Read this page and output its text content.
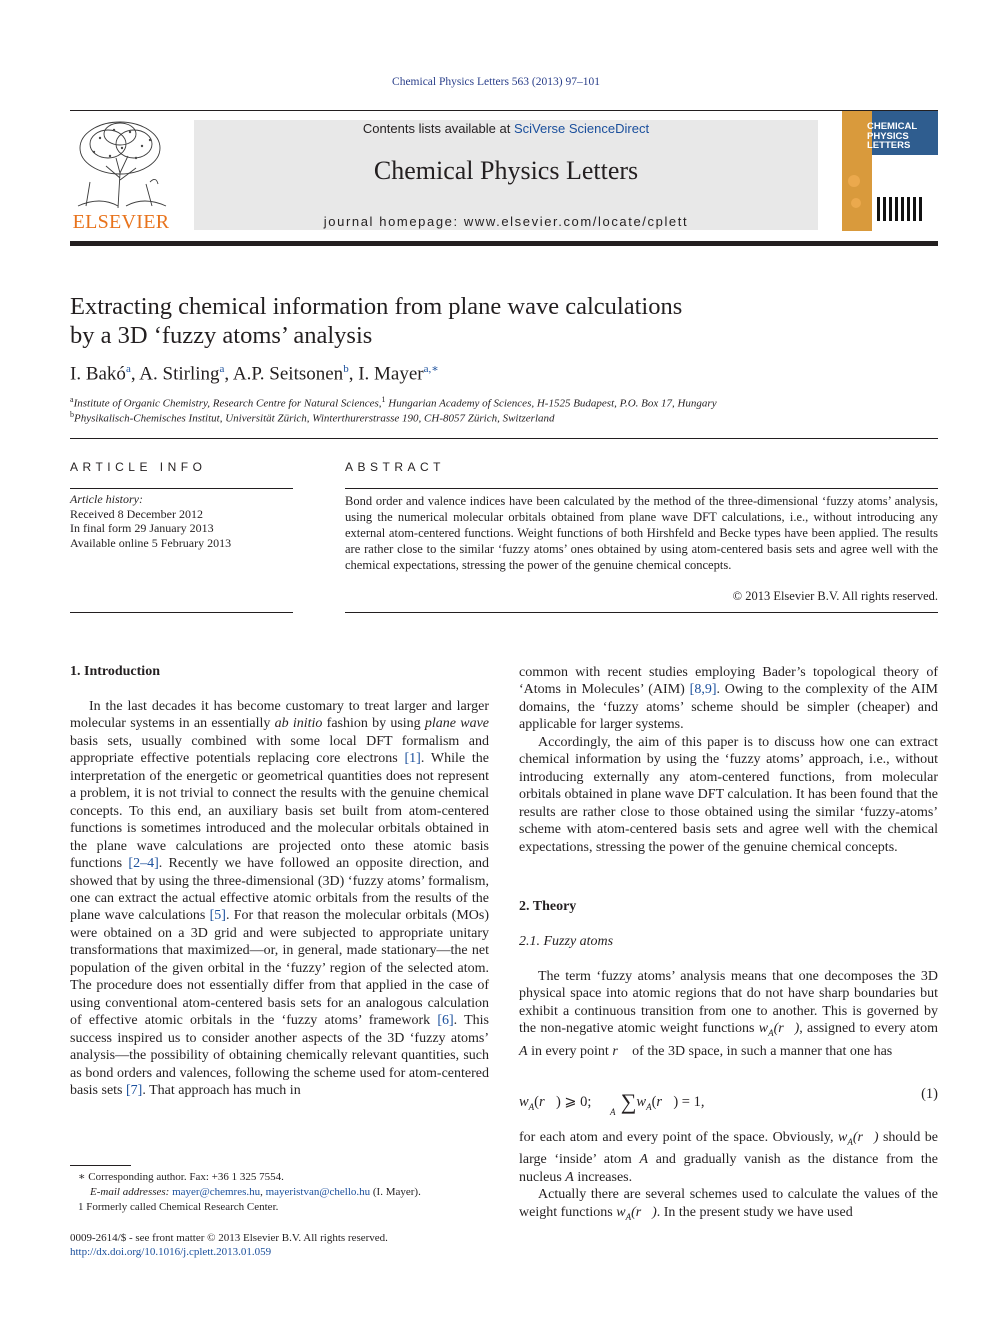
Chemical Physics Letters 563 (2013) 97–101
ELSEVIER
Contents lists available at SciVerse ScienceDirect
Chemical Physics Letters
journal homepage: www.elsevier.com/locate/cplett
CHEMICAL
PHYSICS
LETTERS
Extracting chemical information from plane wave calculations
by a 3D ‘fuzzy atoms’ analysis
I. Bakó$^a$, A. Stirling$^a$, A.P. Seitsonen$^b$, I. Mayer$^{a,∗}$
$^a$Institute of Organic Chemistry, Research Centre for Natural Sciences,$^1$ Hungarian Academy of Sciences, H-1525 Budapest, P.O. Box 17, Hungary
$^b$Physikalisch-Chemisches Institut, Universität Zürich, Winterthurerstrasse 190, CH-8057 Zürich, Switzerland
ARTICLE INFO
Article history:
Received 8 December 2012
In final form 29 January 2013
Available online 5 February 2013
ABSTRACT
Bond order and valence indices have been calculated by the method of the three-dimensional ‘fuzzy atoms’ analysis, using the numerical molecular orbitals obtained from plane wave DFT calculations, i.e., without introducing any external atom-centered functions. Weight functions of both Hirshfeld and Becke types have been applied. The results are rather close to the similar ‘fuzzy atoms’ ones obtained by using atom-centered basis sets and agree well with the chemical expectations, stressing the power of the genuine chemical concepts.
© 2013 Elsevier B.V. All rights reserved.
1. Introduction

In the last decades it has become customary to treat larger and larger molecular systems in an essentially ab initio fashion by using plane wave basis sets, usually combined with some local DFT formalism and appropriate effective potentials replacing core electrons [1]. While the interpretation of the energetic or geometrical quantities does not represent a problem, it is not trivial to connect the results with the genuine chemical concepts. To this end, an auxiliary basis set built from atom-centered functions is sometimes introduced and the molecular orbitals obtained in the plane wave calculations are projected onto these atomic basis functions [2–4]. Recently we have followed an opposite direction, and showed that by using the three-dimensional (3D) ‘fuzzy atoms’ formalism, one can extract the actual effective atomic orbitals from the results of the plane wave calculations [5]. For that reason the molecular orbitals (MOs) were obtained on a 3D grid and were subjected to appropriate unitary transformations that maximized—or, in general, made stationary—the net population of the given orbital in the ‘fuzzy’ region of the selected atom. The procedure does not essentially differ from that applied in the case of using conventional atom-centered basis sets for an analogous calculation of effective atomic orbitals in the ‘fuzzy atoms’ framework [6]. This success inspired us to consider another aspects of the 3D ‘fuzzy atoms’ analysis—the possibility of obtaining chemically relevant quantities, such as bond orders and valences, following the scheme used for atom-centered basis sets [7]. That approach has much in

common with recent studies employing Bader’s topological theory of ‘Atoms in Molecules’ (AIM) [8,9]. Owing to the complexity of the AIM domains, the ‘fuzzy atoms’ scheme should be simpler (cheaper) and applicable for larger systems.

Accordingly, the aim of this paper is to discuss how one can extract chemical information by using the ‘fuzzy atoms’ approach, i.e., without introducing externally any atom-centered functions, from molecular orbitals obtained in plane wave DFT calculation. It has been found that the results are rather close to those obtained using the similar ‘fuzzy-atoms’ scheme with atom-centered basis sets and agree well with the chemical expectations, stressing the power of the genuine chemical concepts.

2. Theory
2.1. Fuzzy atoms

The term ‘fuzzy atoms’ analysis means that one decomposes the 3D physical space into atomic regions that do not have sharp boundaries but exhibit a continuous transition from one to another. This is governed by the non-negative atomic weight functions $w_A(r⃗)$, assigned to every atom A in every point r⃗ of the 3D space, in such a manner that one has

$w_A(r⃗)$ ⩾ 0; $\sum w_A(r⃗) = 1$,
A
(1)

for each atom and every point of the space. Obviously, $w_A(r⃗)$ should be large ‘inside’ atom A and gradually vanish as the distance from the nucleus A increases.

Actually there are several schemes used to calculate the values of the weight functions $w_A(r⃗)$. In the present study we have used

∗ Corresponding author. Fax: +36 1 325 7554.
E-mail addresses: mayer@chemres.hu, mayeristvan@chello.hu (I. Mayer).
1 Formerly called Chemical Research Center.
0009-2614/$ - see front matter © 2013 Elsevier B.V. All rights reserved.
http://dx.doi.org/10.1016/j.cplett.2013.01.059
